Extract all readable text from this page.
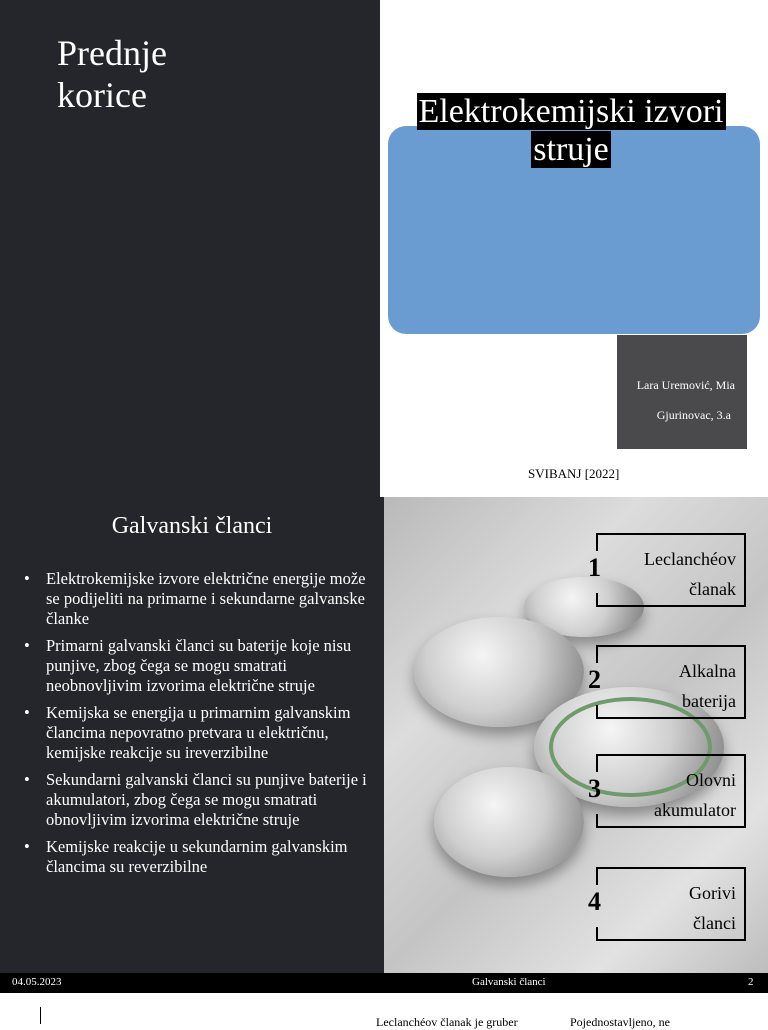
Prednje
korice	Elektrokemijski izvori
struje
Lara Uremović, Mia
Gjurinovac, 3.a
SVIBANJ [2022]
Galvanski članci
• Elektrokemijske izvore električne energije može se podijeliti na primarne i sekundarne galvanske članke
• Primarni galvanski članci su baterije koje nisu punjive, zbog čega se mogu smatrati neobnovljivim izvorima električne struje
• Kemijska se energija u primarnim galvanskim člancima nepovratno pretvara u električnu, kemijske reakcije su ireverzibilne
• Sekundarni galvanski članci su punjive baterije i akumulatori, zbog čega se mogu smatrati obnovljivim izvorima električne struje
• Kemijske reakcije u sekundarnim galvanskim člancima su reverzibilne
1 Leclanchéov
članak
2	Alkalna
baterija
3	Olovni
akumulator
4	Gorivi
članci
04.05.2023	Galvanski članci	2
Leclanchéov članak je gruber	Pojednostavljeno, ne
